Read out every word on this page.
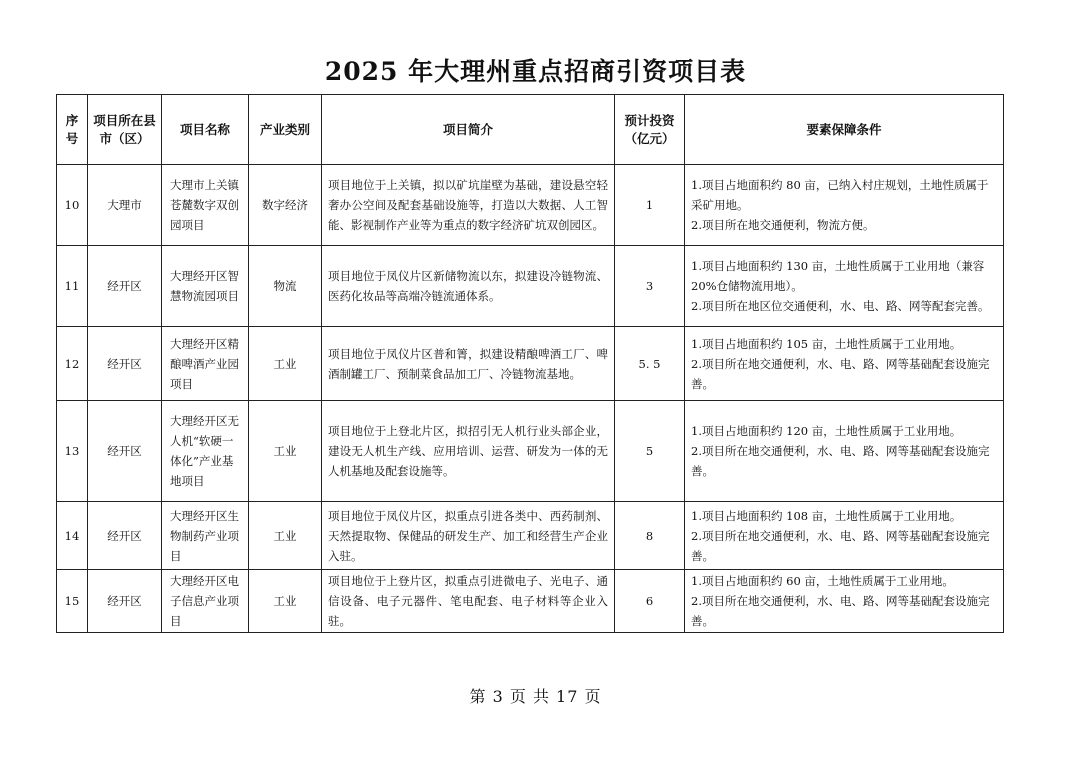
2025 年大理州重点招商引资项目表
序号	项目所在县市（区）	项目名称	产业类别	项目简介	预计投资（亿元）	要素保障条件
10	大理市	大理市上关镇苍麓数字双创园项目	数字经济	项目地位于上关镇，拟以矿坑崖壁为基础，建设悬空轻奢办公空间及配套基础设施等，打造以大数据、人工智能、影视制作产业等为重点的数字经济矿坑双创园区。	1	1.项目占地面积约 80 亩，已纳入村庄规划，土地性质属于采矿用地。
2.项目所在地交通便利，物流方便。

11	经开区	大理经开区智慧物流园项目	物流	项目地位于凤仪片区新储物流以东，拟建设冷链物流、医药化妆品等高端冷链流通体系。	3	1.项目占地面积约 130 亩，土地性质属于工业用地（兼容 20%仓储物流用地）。
2.项目所在地区位交通便利，水、电、路、网等配套完善。

12	经开区	大理经开区精酿啤酒产业园项目	工业	项目地位于凤仪片区普和箐，拟建设精酿啤酒工厂、啤酒制罐工厂、预制菜食品加工厂、冷链物流基地。	5. 5	1.项目占地面积约 105 亩，土地性质属于工业用地。
2.项目所在地交通便利，水、电、路、网等基础配套设施完善。

13	经开区	大理经开区无人机“软硬一体化”产业基地项目	工业	项目地位于上登北片区，拟招引无人机行业头部企业，建设无人机生产线、应用培训、运营、研发为一体的无人机基地及配套设施等。	5	1.项目占地面积约 120 亩，土地性质属于工业用地。
2.项目所在地交通便利，水、电、路、网等基础配套设施完善。

14	经开区	大理经开区生物制药产业项目	工业	项目地位于凤仪片区，拟重点引进各类中、西药制剂、天然提取物、保健品的研发生产、加工和经营生产企业入驻。	8	1.项目占地面积约 108 亩，土地性质属于工业用地。
2.项目所在地交通便利，水、电、路、网等基础配套设施完善。

15	经开区	大理经开区电子信息产业项目	工业	项目地位于上登片区，拟重点引进微电子、光电子、通信设备、电子元器件、笔电配套、电子材料等企业入驻。	6	1.项目占地面积约 60 亩，土地性质属于工业用地。
2.项目所在地交通便利，水、电、路、网等基础配套设施完善。
第 3 页 共 17 页
